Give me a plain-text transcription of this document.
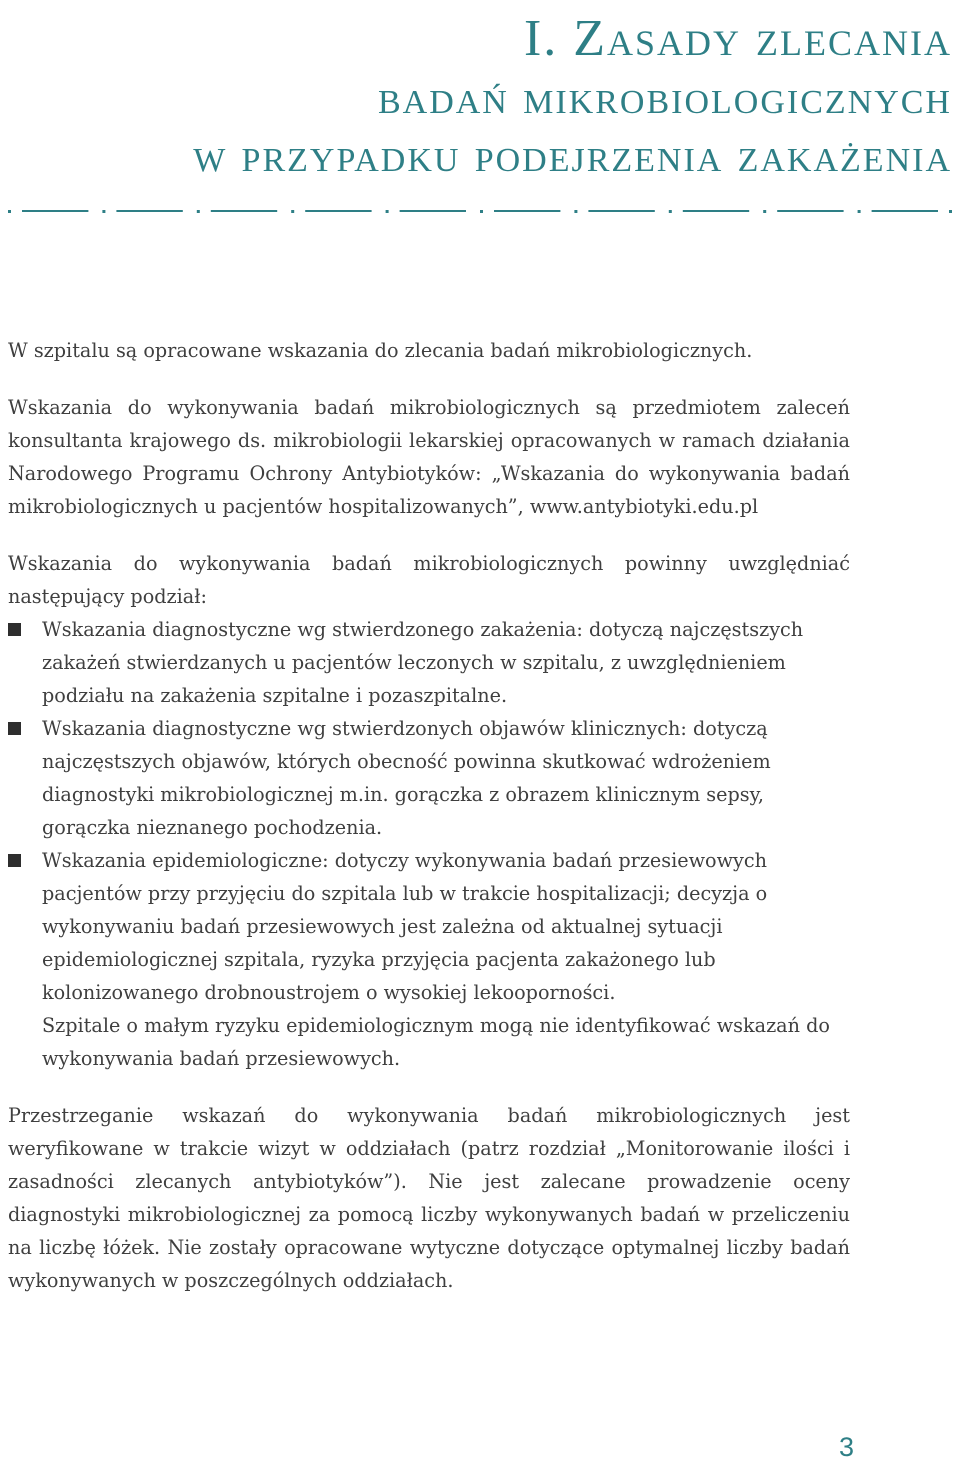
I. Zasady zlecania
badań mikrobiologicznych
w przypadku podejrzenia zakażenia

W szpitalu są opracowane wskazania do zlecania badań mikrobiologicznych.

Wskazania do wykonywania badań mikrobiologicznych są przedmiotem zaleceń konsultanta krajowego ds. mikrobiologii lekarskiej opracowanych w ramach działania Narodowego Programu Ochrony Antybiotyków: „Wskazania do wykonywania badań mikrobiologicznych u pacjentów hospitalizowanych”, www.antybiotyki.edu.pl

Wskazania do wykonywania badań mikrobiologicznych powinny uwzględniać następujący podział:

Wskazania diagnostyczne wg stwierdzonego zakażenia: dotyczą najczęstszych zakażeń stwierdzanych u pacjentów leczonych w szpitalu, z uwzględnieniem podziału na zakażenia szpitalne i pozaszpitalne.

Wskazania diagnostyczne wg stwierdzonych objawów klinicznych: dotyczą najczęstszych objawów, których obecność powinna skutkować wdrożeniem diagnostyki mikrobiologicznej m.in. gorączka z obrazem klinicznym sepsy, gorączka nieznanego pochodzenia.

Wskazania epidemiologiczne: dotyczy wykonywania badań przesiewowych pacjentów przy przyjęciu do szpitala lub w trakcie hospitalizacji; decyzja o wykonywaniu badań przesiewowych jest zależna od aktualnej sytuacji epidemiologicznej szpitala, ryzyka przyjęcia pacjenta zakażonego lub kolonizowanego drobnoustrojem o wysokiej lekooporności.

Szpitale o małym ryzyku epidemiologicznym mogą nie identyfikować wskazań do wykonywania badań przesiewowych.

Przestrzeganie wskazań do wykonywania badań mikrobiologicznych jest weryfikowane w trakcie wizyt w oddziałach (patrz rozdział „Monitorowanie ilości i zasadności zlecanych antybiotyków”). Nie jest zalecane prowadzenie oceny diagnostyki mikrobiologicznej za pomocą liczby wykonywanych badań w przeliczeniu na liczbę łóżek. Nie zostały opracowane wytyczne dotyczące optymalnej liczby badań wykonywanych w poszczególnych oddziałach.

3
